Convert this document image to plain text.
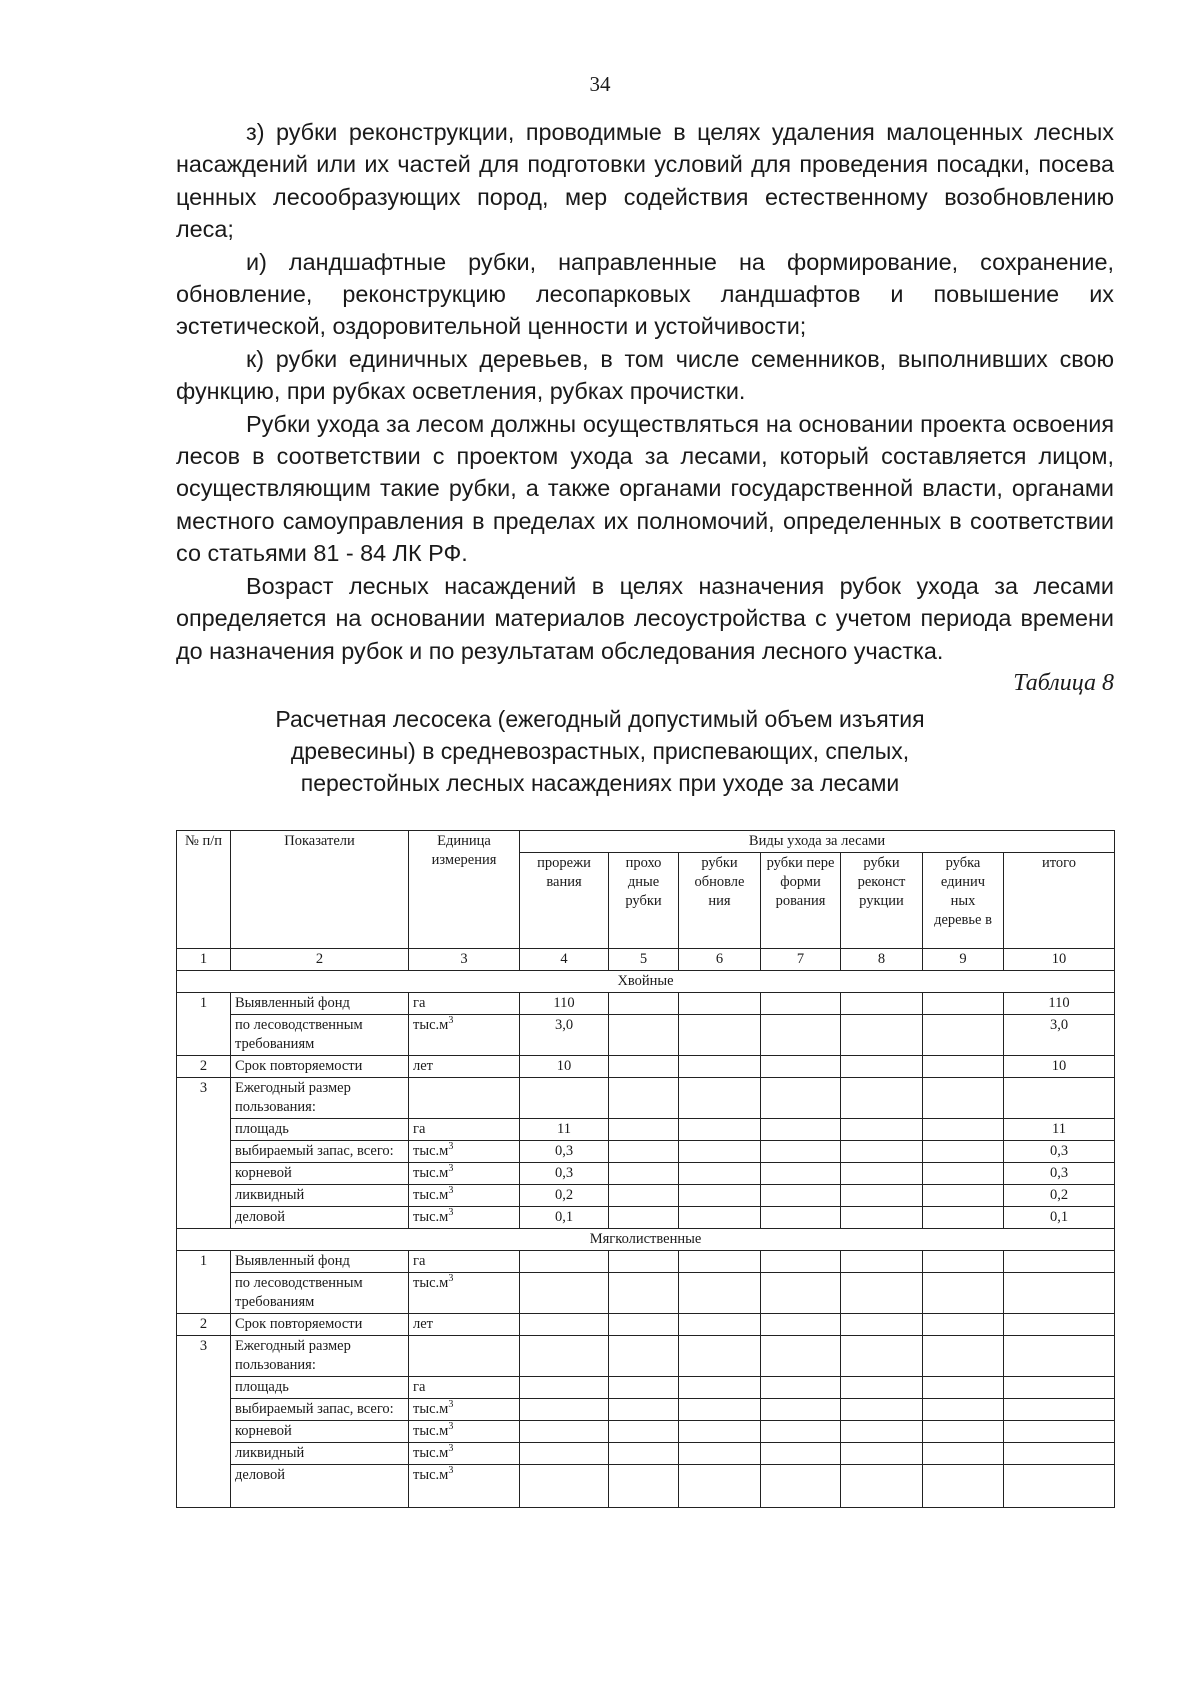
34

з) рубки реконструкции, проводимые в целях удаления малоценных лесных насаждений или их частей для подготовки условий для проведения посадки, посева ценных лесообразующих пород, мер содействия естественному возобновлению леса;

и) ландшафтные рубки, направленные на формирование, сохранение, обновление, реконструкцию лесопарковых ландшафтов и повышение их эстетической, оздоровительной ценности и устойчивости;

к) рубки единичных деревьев, в том числе семенников, выполнивших свою функцию, при рубках осветления, рубках прочистки.

Рубки ухода за лесом должны осуществляться на основании проекта освоения лесов в соответствии с проектом ухода за лесами, который составляется лицом, осуществляющим такие рубки, а также органами государственной власти, органами местного самоуправления в пределах их полномочий, определенных в соответствии со статьями 81 - 84 ЛК РФ.

Возраст лесных насаждений в целях назначения рубок ухода за лесами определяется на основании материалов лесоустройства с учетом периода времени до назначения рубок и по результатам обследования лесного участка.

Таблица 8
Расчетная лесосека (ежегодный допустимый объем изъятия
древесины) в средневозрастных, приспевающих, спелых,
перестойных лесных насаждениях при уходе за лесами
№ п/п	Показатели	Единица измерения	Виды ухода за лесами						
			прорежи вания	прохо дные рубки	рубки обновле ния	рубки пере форми рования	рубки реконст рукции	рубка единич ных деревье в	итого
1	2	3	4	5	6	7	8	9	10
Хвойные									
1	Выявленный фонд	га	110						110
	по лесоводственным требованиям	$тыс.м^3$	3,0						3,0
2	Срок повторяемости	лет	10						10
3	Ежегодный размер пользования:								
	площадь	га	11						11
	выбираемый запас, всего:	$тыс.м^3$	0,3						0,3
	корневой	$тыс.м^3$	0,3						0,3
	ликвидный	$тыс.м^3$	0,2						0,2
	деловой	$тыс.м^3$	0,1						0,1
Мягколиственные									
1	Выявленный фонд	га							
	по лесоводственным требованиям	$тыс.м^3$							
2	Срок повторяемости	лет							
3	Ежегодный размер пользования:								
	площадь	га							
	выбираемый запас, всего:	$тыс.м^3$							
	корневой	$тыс.м^3$							
	ликвидный	$тыс.м^3$							
	деловой	$тыс.м^3$							
